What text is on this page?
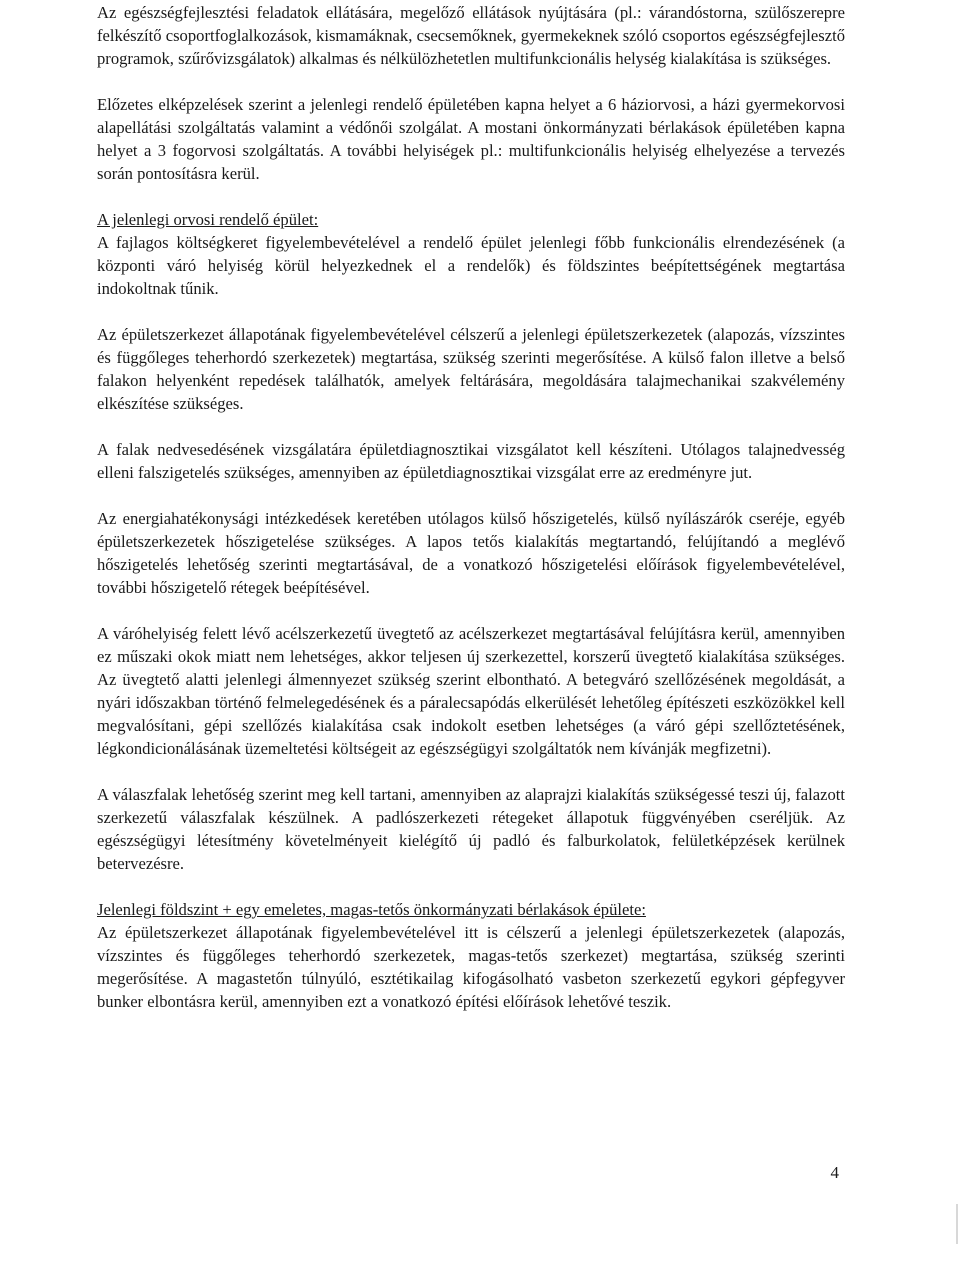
Az egészségfejlesztési feladatok ellátására, megelőző ellátások nyújtására (pl.: várandóstorna, szülőszerepre felkészítő csoportfoglalkozások, kismamáknak, csecsemőknek, gyermekeknek szóló csoportos egészségfejlesztő programok, szűrővizsgálatok) alkalmas és nélkülözhetetlen multifunkcionális helység kialakítása is szükséges.

Előzetes elképzelések szerint a jelenlegi rendelő épületében kapna helyet a 6 háziorvosi, a házi gyermekorvosi alapellátási szolgáltatás valamint a védőnői szolgálat. A mostani önkormányzati bérlakások épületében kapna helyet a 3 fogorvosi szolgáltatás. A további helyiségek pl.: multifunkcionális helyiség elhelyezése a tervezés során pontosításra kerül.

A jelenlegi orvosi rendelő épület:
A fajlagos költségkeret figyelembevételével a rendelő épület jelenlegi főbb funkcionális elrendezésének (a központi váró helyiség körül helyezkednek el a rendelők) és földszintes beépítettségének megtartása indokoltnak tűnik.

Az épületszerkezet állapotának figyelembevételével célszerű a jelenlegi épületszerkezetek (alapozás, vízszintes és függőleges teherhordó szerkezetek) megtartása, szükség szerinti megerősítése. A külső falon illetve a belső falakon helyenként repedések találhatók, amelyek feltárására, megoldására talajmechanikai szakvélemény elkészítése szükséges.

A falak nedvesedésének vizsgálatára épületdiagnosztikai vizsgálatot kell készíteni. Utólagos talajnedvesség elleni falszigetelés szükséges, amennyiben az épületdiagnosztikai vizsgálat erre az eredményre jut.

Az energiahatékonysági intézkedések keretében utólagos külső hőszigetelés, külső nyílászárók cseréje, egyéb épületszerkezetek hőszigetelése szükséges. A lapos tetős kialakítás megtartandó, felújítandó a meglévő hőszigetelés lehetőség szerinti megtartásával, de a vonatkozó hőszigetelési előírások figyelembevételével, további hőszigetelő rétegek beépítésével.

A váróhelyiség felett lévő acélszerkezetű üvegtető az acélszerkezet megtartásával felújításra kerül, amennyiben ez műszaki okok miatt nem lehetséges, akkor teljesen új szerkezettel, korszerű üvegtető kialakítása szükséges. Az üvegtető alatti jelenlegi álmennyezet szükség szerint elbontható. A betegváró szellőzésének megoldását, a nyári időszakban történő felmelegedésének és a páralecsapódás elkerülését lehetőleg építészeti eszközökkel kell megvalósítani, gépi szellőzés kialakítása csak indokolt esetben lehetséges (a váró gépi szellőztetésének, légkondicionálásának üzemeltetési költségeit az egészségügyi szolgáltatók nem kívánják megfizetni).

A válaszfalak lehetőség szerint meg kell tartani, amennyiben az alaprajzi kialakítás szükségessé teszi új, falazott szerkezetű válaszfalak készülnek. A padlószerkezeti rétegeket állapotuk függvényében cseréljük. Az egészségügyi létesítmény követelményeit kielégítő új padló és falburkolatok, felületképzések kerülnek betervezésre.

Jelenlegi földszint + egy emeletes, magas-tetős önkormányzati bérlakások épülete:
Az épületszerkezet állapotának figyelembevételével itt is célszerű a jelenlegi épületszerkezetek (alapozás, vízszintes és függőleges teherhordó szerkezetek, magas-tetős szerkezet) megtartása, szükség szerinti megerősítése. A magastetőn túlnyúló, esztétikailag kifogásolható vasbeton szerkezetű egykori gépfegyver bunker elbontásra kerül, amennyiben ezt a vonatkozó építési előírások lehetővé teszik.
4
